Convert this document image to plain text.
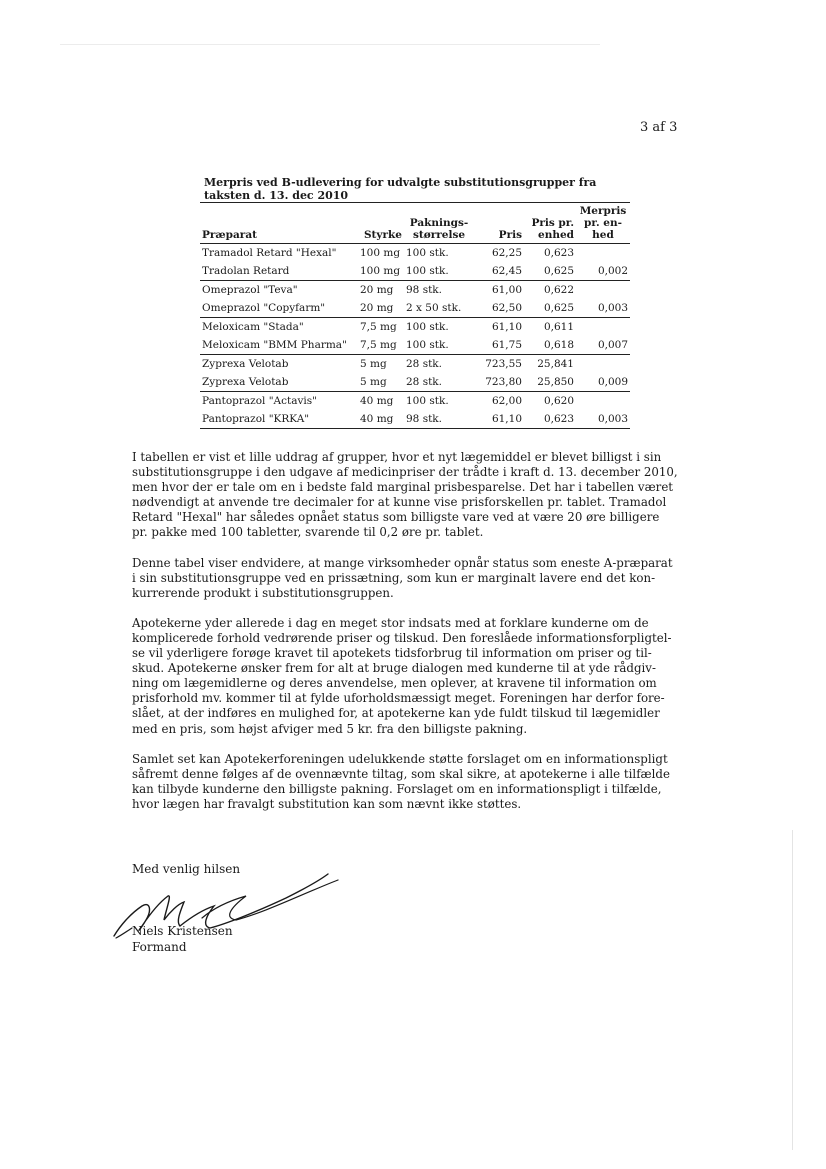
3 af 3
Merpris ved B-udlevering for udvalgte substitutionsgrupper fra taksten d. 13. dec 2010
Præparat	Styrke	Paknings-størrelse	Pris	Pris pr. enhed	Merpris pr. en-hed
Tramadol Retard "Hexal"	100 mg	100 stk.	62,25	0,623	
Tradolan Retard	100 mg	100 stk.	62,45	0,625	0,002
Omeprazol "Teva"	20 mg	98 stk.	61,00	0,622	
Omeprazol "Copyfarm"	20 mg	2 x 50 stk.	62,50	0,625	0,003
Meloxicam "Stada"	7,5 mg	100 stk.	61,10	0,611	
Meloxicam "BMM Pharma"	7,5 mg	100 stk.	61,75	0,618	0,007
Zyprexa Velotab	5 mg	28 stk.	723,55	25,841	
Zyprexa Velotab	5 mg	28 stk.	723,80	25,850	0,009
Pantoprazol "Actavis"	40 mg	100 stk.	62,00	0,620	
Pantoprazol "KRKA"	40 mg	98 stk.	61,10	0,623	0,003

I tabellen er vist et lille uddrag af grupper, hvor et nyt lægemiddel er blevet billigst i sin
substitutionsgruppe i den udgave af medicinpriser der trådte i kraft d. 13. december 2010,
men hvor der er tale om en i bedste fald marginal prisbesparelse. Det har i tabellen været
nødvendigt at anvende tre decimaler for at kunne vise prisforskellen pr. tablet. Tramadol
Retard "Hexal" har således opnået status som billigste vare ved at være 20 øre billigere
pr. pakke med 100 tabletter, svarende til 0,2 øre pr. tablet.

Denne tabel viser endvidere, at mange virksomheder opnår status som eneste A-præparat
i sin substitutionsgruppe ved en prissætning, som kun er marginalt lavere end det kon-
kurrerende produkt i substitutionsgruppen.

Apotekerne yder allerede i dag en meget stor indsats med at forklare kunderne om de
komplicerede forhold vedrørende priser og tilskud. Den foreslåede informationsforpligtel-
se vil yderligere forøge kravet til apotekets tidsforbrug til information om priser og til-
skud. Apotekerne ønsker frem for alt at bruge dialogen med kunderne til at yde rådgiv-
ning om lægemidlerne og deres anvendelse, men oplever, at kravene til information om
prisforhold mv. kommer til at fylde uforholdsmæssigt meget. Foreningen har derfor fore-
slået, at der indføres en mulighed for, at apotekerne kan yde fuldt tilskud til lægemidler
med en pris, som højst afviger med 5 kr. fra den billigste pakning.

Samlet set kan Apotekerforeningen udelukkende støtte forslaget om en informationspligt
såfremt denne følges af de ovennævnte tiltag, som skal sikre, at apotekerne i alle tilfælde
kan tilbyde kunderne den billigste pakning. Forslaget om en informationspligt i tilfælde,
hvor lægen har fravalgt substitution kan som nævnt ikke støttes.

Med venlig hilsen
Niels Kristensen
Formand
